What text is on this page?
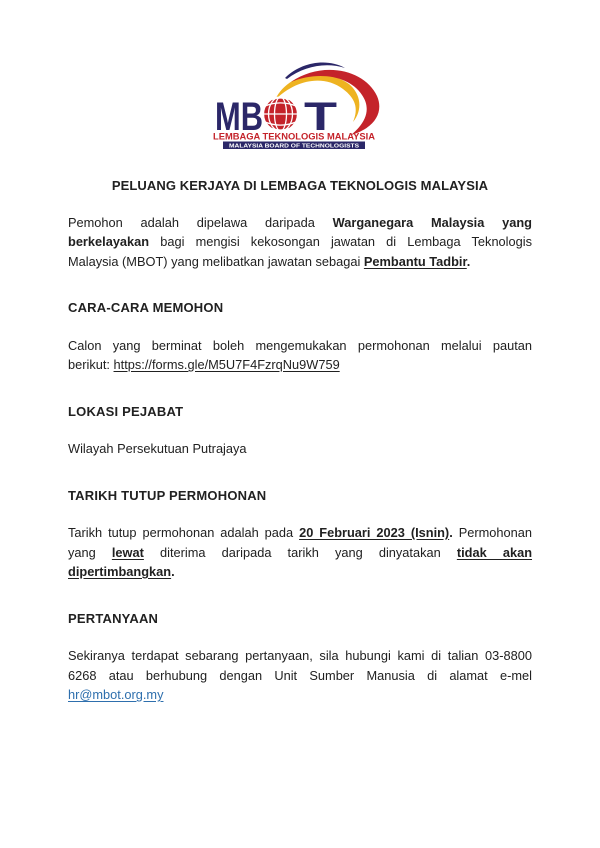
MB T
LEMBAGA TEKNOLOGIS MALAYSIA
MALAYSIA BOARD OF TECHNOLOGISTS
PELUANG KERJAYA DI LEMBAGA TEKNOLOGIS MALAYSIA
Pemohon adalah dipelawa daripada Warganegara Malaysia yang
berkelayakan bagi mengisi kekosongan jawatan di Lembaga Teknologis
Malaysia (MBOT) yang melibatkan jawatan sebagai Pembantu Tadbir.
CARA-CARA MEMOHON
Calon yang berminat boleh mengemukakan permohonan melalui pautan
berikut: https://forms.gle/M5U7F4FzrqNu9W759
LOKASI PEJABAT
Wilayah Persekutuan Putrajaya
TARIKH TUTUP PERMOHONAN
Tarikh tutup permohonan adalah pada 20 Februari 2023 (Isnin). Permohonan
yang lewat diterima daripada tarikh yang dinyatakan tidak akan
dipertimbangkan.
PERTANYAAN
Sekiranya terdapat sebarang pertanyaan, sila hubungi kami di talian 03-8800
6268 atau berhubung dengan Unit Sumber Manusia di alamat e-mel
hr@mbot.org.my
